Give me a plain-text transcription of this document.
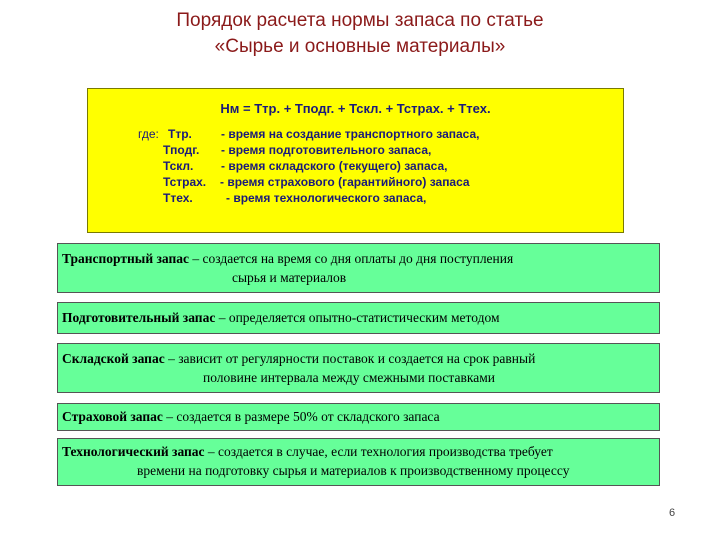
Порядок расчета нормы запаса по статье
«Сырье и основные материалы»
Нм = Ттр. + Тподг. + Тскл. + Тстрах. + Ттех.
где: Ттр. - время на создание транспортного запаса,
Тподг. - время подготовительного запаса,
Тскл. - время складского (текущего) запаса,
Тстрах. - время страхового (гарантийного) запаса
Ттех.	- время технологического запаса,
Транспортный запас – создается на время со дня оплаты до дня поступления
сырья и материалов
Подготовительный запас – определяется опытно-статистическим методом
Складской запас – зависит от регулярности поставок и создается на срок равный
половине интервала между смежными поставками
Страховой запас – создается в размере 50% от складского запаса
Технологический запас – создается в случае, если технология производства требует
времени на подготовку сырья и материалов к производственному процессу
6
